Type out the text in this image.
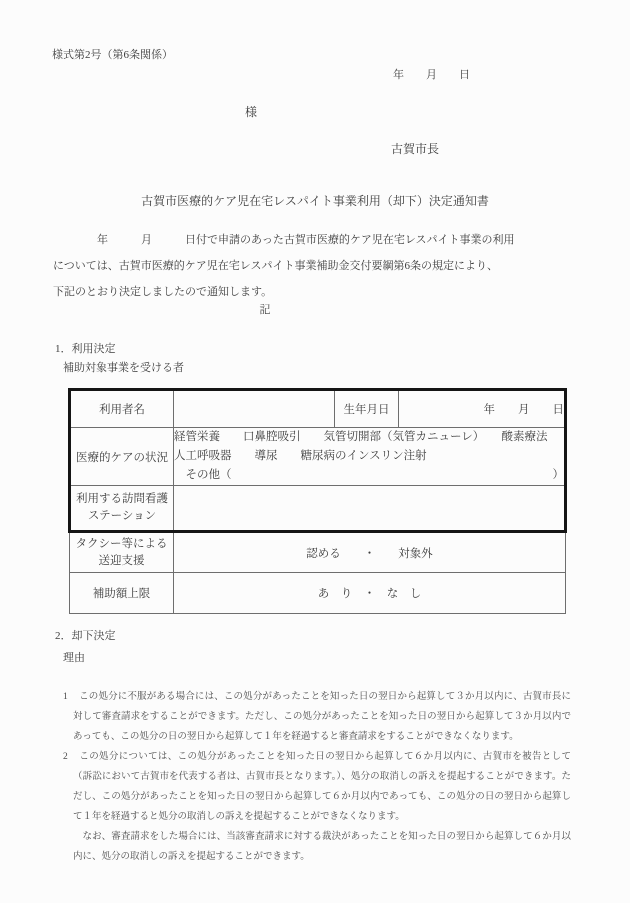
様式第2号（第6条関係）
年　　月　　日
様
古賀市長
古賀市医療的ケア児在宅レスパイト事業利用（却下）決定通知書
　　　　年　　　月　　　日付で申請のあった古賀市医療的ケア児在宅レスパイト事業の利用
については、古賀市医療的ケア児在宅レスパイト事業補助金交付要綱第6条の規定により、
下記のとおり決定しましたので通知します。
記
1．利用決定
補助対象事業を受ける者
利用者名		生年月日	年　　月　　日
医療的ケアの状況	経管栄養　　口鼻腔吸引　　気管切開部（気管カニューレ）　　酸素療法
人工呼吸器　　導尿　　糖尿病のインスリン注射
　その他（ ）		

利用する訪問看護
ステーション			

タクシー等による
送迎支援	認める　　・　　対象外		
補助額上限	あ　り　・　な　し		
2．却下決定
理由
1 この処分に不服がある場合には、この処分があったことを知った日の翌日から起算して３か月以内に、古賀市長に対して審査請求をすることができます。ただし、この処分があったことを知った日の翌日から起算して３か月以内であっても、この処分の日の翌日から起算して１年を経過すると審査請求をすることができなくなります。
2 この処分については、この処分があったことを知った日の翌日から起算して６か月以内に、古賀市を被告として（訴訟において古賀市を代表する者は、古賀市長となります。）、処分の取消しの訴えを提起することができます。ただし、この処分があったことを知った日の翌日から起算して６か月以内であっても、この処分の日の翌日から起算して１年を経過すると処分の取消しの訴えを提起することができなくなります。
なお、審査請求をした場合には、当該審査請求に対する裁決があったことを知った日の翌日から起算して６か月以内に、処分の取消しの訴えを提起することができます。
